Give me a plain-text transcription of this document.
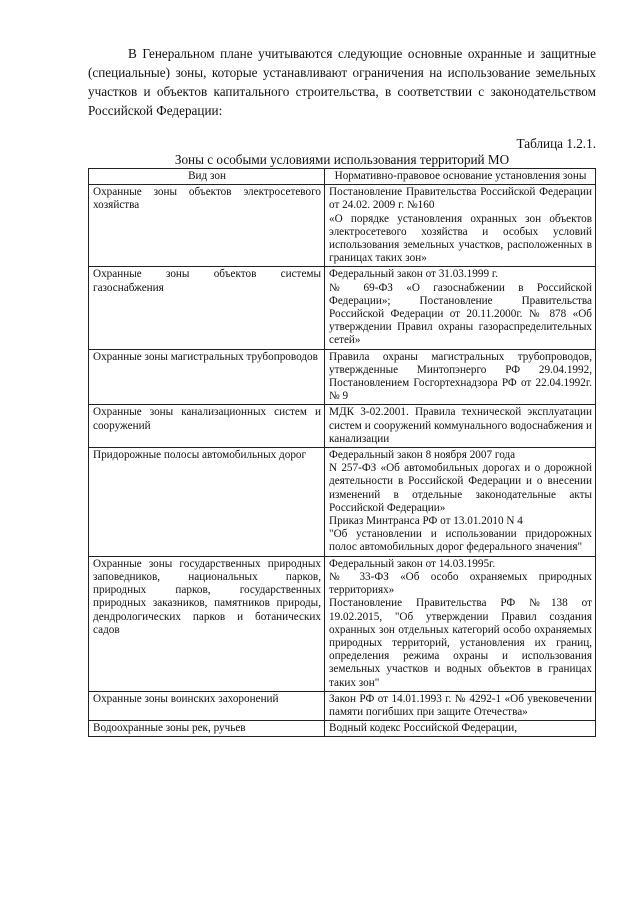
В Генеральном плане учитываются следующие основные охранные и защитные (специальные) зоны, которые устанавливают ограничения на использование земельных участков и объектов капитального строительства, в соответствии с законодательством Российской Федерации:

Таблица 1.2.1.

Зоны с особыми условиями использования территорий МО

Вид зон	Нормативно-правовое основание установления зоны
Охранные зоны объектов электросетевого хозяйства	Постановление Правительства Российской Федерации от 24.02. 2009 г. №160
«О порядке установления охранных зон объектов электросетевого хозяйства и особых условий использования земельных участков, расположенных в границах таких зон»

Охранные зоны объектов системы газоснабжения	Федеральный закон от 31.03.1999 г.
№ 69-ФЗ «О газоснабжении в Российской Федерации»; Постановление Правительства Российской Федерации от 20.11.2000г. № 878 «Об утверждении Правил охраны газораспределительных сетей»

Охранные зоны магистральных трубопроводов	Правила охраны магистральных трубопроводов, утвержденные Минтопэнерго РФ 29.04.1992, Постановлением Госгортехнадзора РФ от 22.04.1992г. № 9

Охранные зоны канализационных систем и сооружений	МДК 3-02.2001. Правила технической эксплуатации систем и сооружений коммунального водоснабжения и канализации

Придорожные полосы автомобильных дорог	Федеральный закон 8 ноября 2007 года
N 257-ФЗ «Об автомобильных дорогах и о дорожной деятельности в Российской Федерации и о внесении изменений в отдельные законодательные акты Российской Федерации»
Приказ Минтранса РФ от 13.01.2010 N 4
"Об установлении и использовании придорожных полос автомобильных дорог федерального значения"

Охранные зоны государственных природных заповедников, национальных парков, природных парков, государственных природных заказников, памятников природы, дендрологических парков и ботанических садов	Федеральный закон от 14.03.1995г.
№ 33-ФЗ «Об особо охраняемых природных территориях»
Постановление Правительства РФ №138 от 19.02.2015, "Об утверждении Правил создания охранных зон отдельных категорий особо охраняемых природных территорий, установления их границ, определения режима охраны и использования земельных участков и водных объектов в границах таких зон"

Охранные зоны воинских захоронений	Закон РФ от 14.01.1993 г. № 4292-1 «Об увековечении памяти погибших при защите Отечества»

Водоохранные зоны рек, ручьев	Водный кодекс Российской Федерации,
